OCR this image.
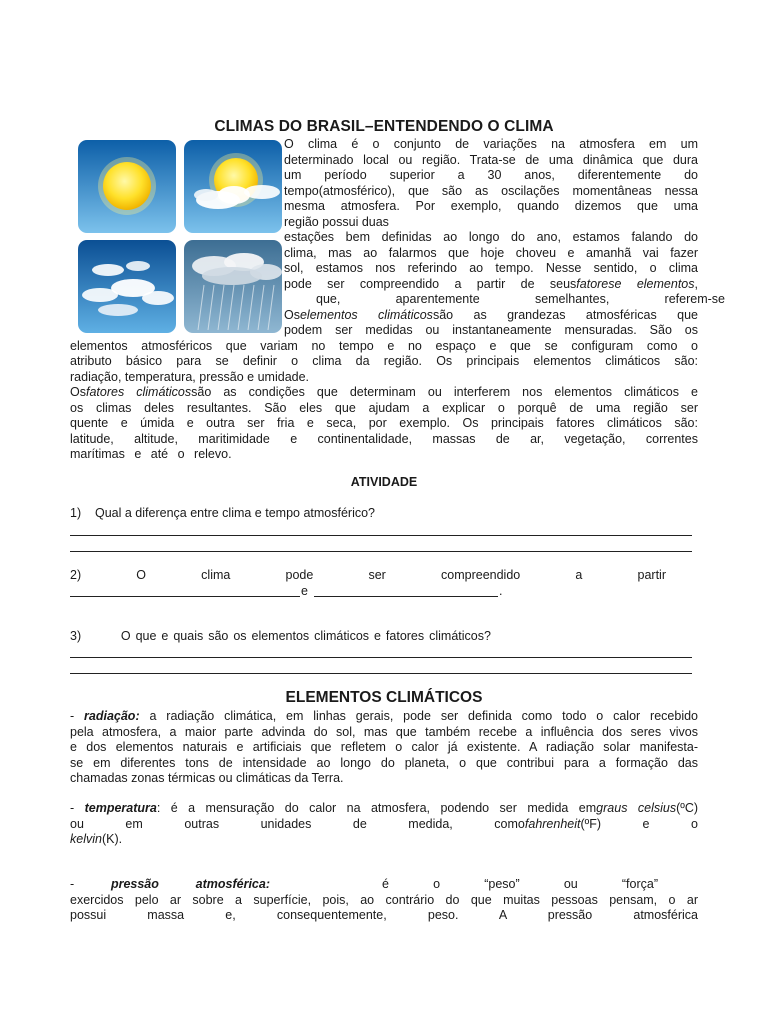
CLIMAS DO BRASIL–ENTENDENDO O CLIMA
O clima é o conjunto de variações na atmosfera em um
determinado local ou região. Trata-se de uma dinâmica que dura
um período superior a 30 anos, diferentemente do
tempo(atmosférico), que são as oscilações momentâneas nessa
mesma atmosfera. Por exemplo, quando dizemos que uma
região possui duas
estações bem definidas ao longo do ano, estamos falando do
clima, mas ao falarmos que hoje choveu e amanhã vai fazer
sol, estamos nos referindo ao tempo. Nesse sentido, o clima
pode ser compreendido a partir de seusfatorese elementos,
que, aparentemente semelhantes, referem-se
Oselementos climáticossão as grandezas atmosféricas que
podem ser medidas ou instantaneamente mensuradas. São os
elementos atmosféricos que variam no tempo e no espaço e que se configuram como o
atributo básico para se definir o clima da região. Os principais elementos climáticos são:
radiação, temperatura, pressão e umidade.
Osfatores climáticossão as condições que determinam ou interferem nos elementos climáticos e
os climas deles resultantes. São eles que ajudam a explicar o porquê de uma região ser
quente e úmida e outra ser fria e seca, por exemplo. Os principais fatores climáticos são:
latitude, altitude, maritimidade e continentalidade, massas de ar, vegetação, correntes
marítimas e até o relevo.
ATIVIDADE
1)    Qual a diferença entre clima e tempo atmosférico?
2) O clima pode ser compreendido a partir
e	.
3)        O que e quais são os elementos climáticos e fatores climáticos?
ELEMENTOS CLIMÁTICOS
- radiação: a radiação climática, em linhas gerais, pode ser definida como todo o calor recebido
pela atmosfera, a maior parte advinda do sol, mas que também recebe a influência dos seres vivos
e dos elementos naturais e artificiais que refletem o calor já existente. A radiação solar manifesta-
se em diferentes tons de intensidade ao longo do planeta, o que contribui para a formação das
chamadas zonas térmicas ou climáticas da Terra.
- temperatura: é a mensuração do calor na atmosfera, podendo ser medida emgraus celsius(ºC)
ou em outras unidades de medida, comofahrenheit(ºF) e o
kelvin(K).
- pressão atmosférica:	é o “peso” ou “força”
exercidos pelo ar sobre a superfície, pois, ao contrário do que muitas pessoas pensam, o ar
possui massa e, consequentemente, peso. A pressão atmosférica
